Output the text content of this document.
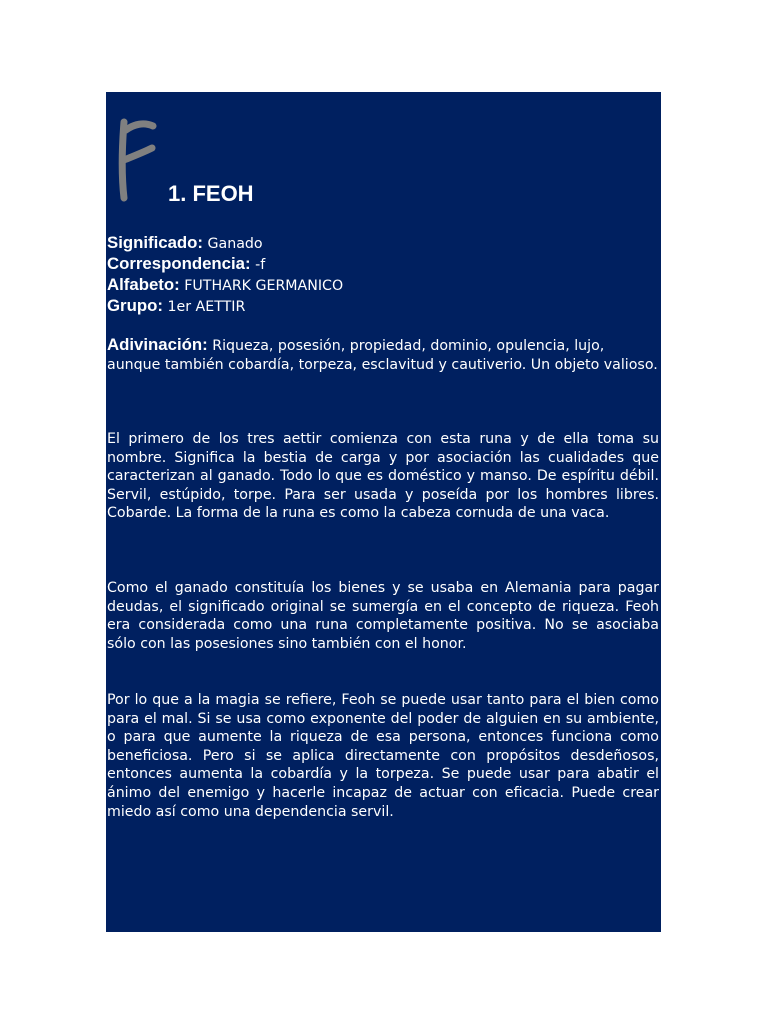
1. FEOH
Significado: Ganado
Correspondencia: -f
Alfabeto: FUTHARK GERMANICO
Grupo: 1er AETTIR

Adivinación: Riqueza, posesión, propiedad, dominio, opulencia, lujo, aunque también cobardía, torpeza, esclavitud y cautiverio. Un objeto valioso.

El primero de los tres aettir comienza con esta runa y de ella toma su nombre. Significa la bestia de carga y por asociación las cualidades que caracterizan al ganado. Todo lo que es doméstico y manso. De espíritu débil. Servil, estúpido, torpe. Para ser usada y poseída por los hombres libres. Cobarde. La forma de la runa es como la cabeza cornuda de una vaca.

Como el ganado constituía los bienes y se usaba en Alemania para pagar deudas, el significado original se sumergía en el concepto de riqueza. Feoh era considerada como una runa completamente positiva. No se asociaba sólo con las posesiones sino también con el honor.

Por lo que a la magia se refiere, Feoh se puede usar tanto para el bien como para el mal. Si se usa como exponente del poder de alguien en su ambiente, o para que aumente la riqueza de esa persona, entonces funciona como beneficiosa. Pero si se aplica directamente con propósitos desdeñosos, entonces aumenta la cobardía y la torpeza. Se puede usar para abatir el ánimo del enemigo y hacerle incapaz de actuar con eficacia. Puede crear miedo así como una dependencia servil.
